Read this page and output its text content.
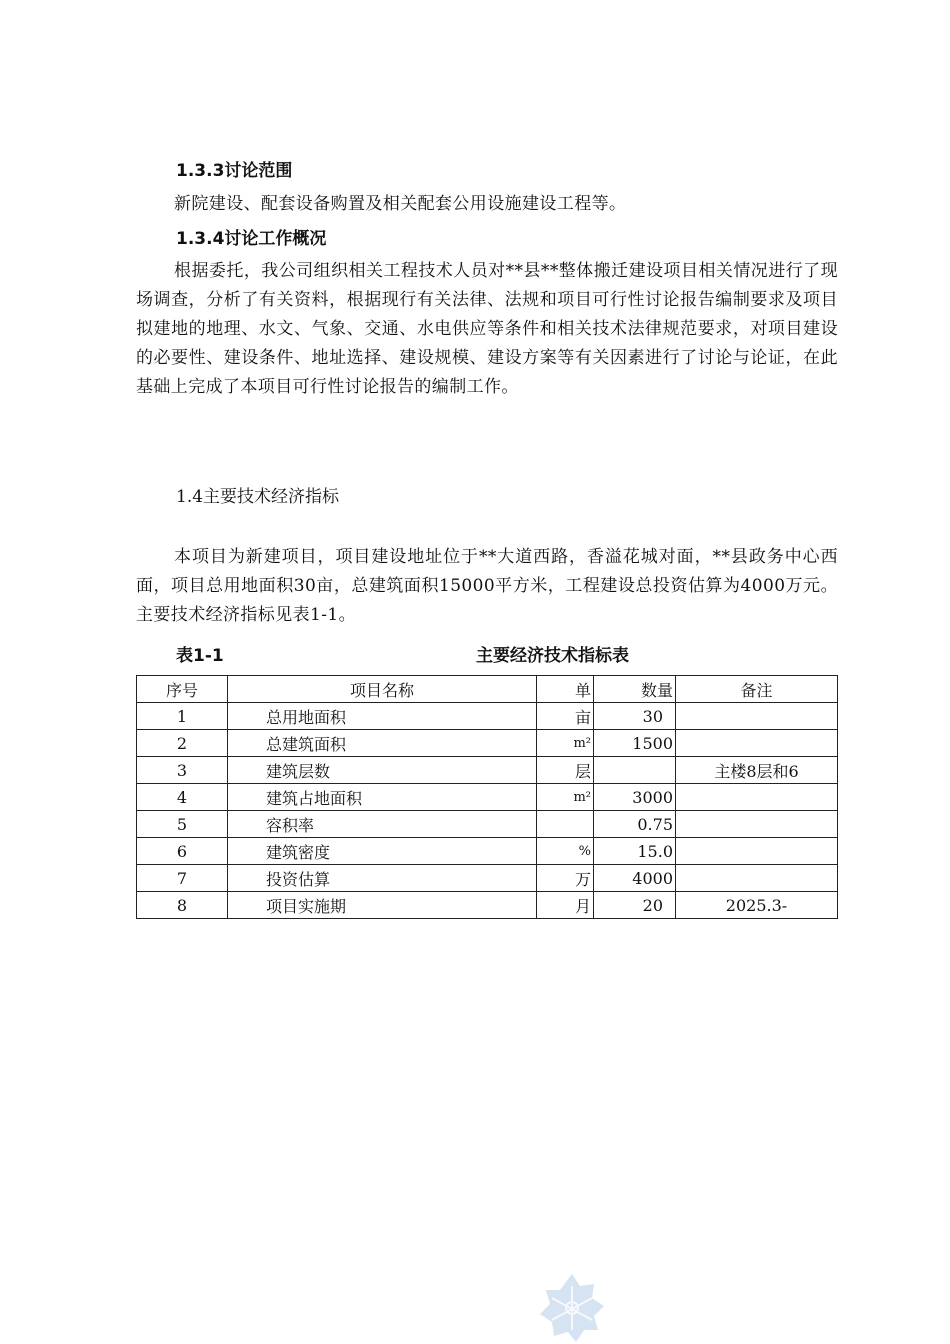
1.3.3讨论范围

新院建设、配套设备购置及相关配套公用设施建设工程等。

1.3.4讨论工作概况

根据委托，我公司组织相关工程技术人员对**县**整体搬迁建设项目相关情况进行了现场调查，分析了有关资料，根据现行有关法律、法规和项目可行性讨论报告编制要求及项目拟建地的地理、水文、气象、交通、水电供应等条件和相关技术法律规范要求，对项目建设的必要性、建设条件、地址选择、建设规模、建设方案等有关因素进行了讨论与论证，在此基础上完成了本项目可行性讨论报告的编制工作。

1.4主要技术经济指标

本项目为新建项目，项目建设地址位于**大道西路，香溢花城对面，**县政务中心西面，项目总用地面积30亩，总建筑面积15000平方米，工程建设总投资估算为4000万元。主要技术经济指标见表1-1。

表1-1	主要经济技术指标表
序号	项目名称	单	数量	备注
1	总用地面积	亩	30	
2	总建筑面积	m²	1500	
3	建筑层数	层		主楼8层和6
4	建筑占地面积	m²	3000	
5	容积率		0.75	
6	建筑密度	%	15.0	
7	投资估算	万	4000	
8	项目实施期	月	20	2025.3-
